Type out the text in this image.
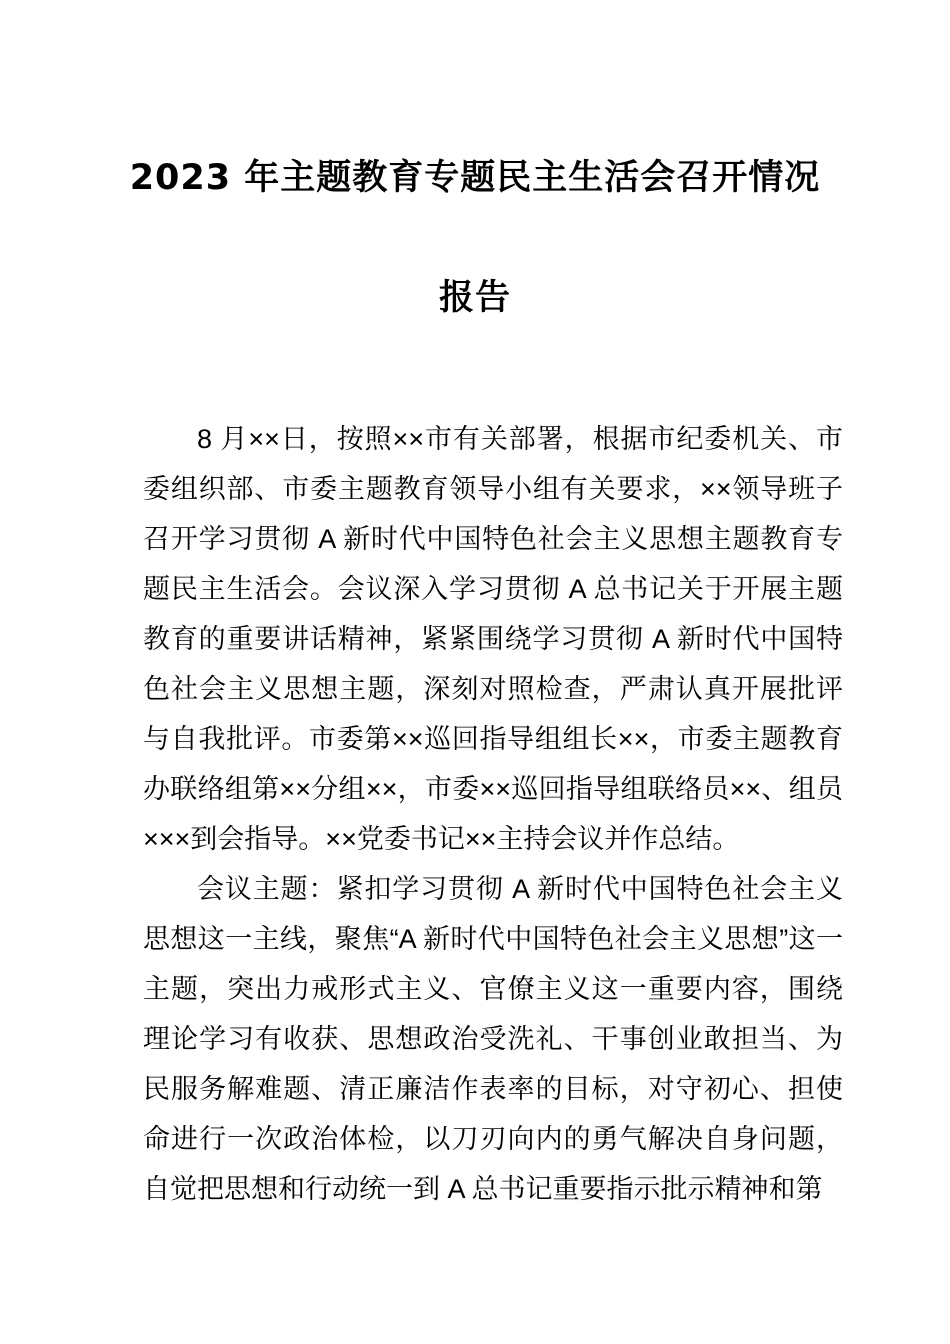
2023 年主题教育专题民主生活会召开情况
报告

8 月××日，按照××市有关部署，根据市纪委机关、市委组织部、市委主题教育领导小组有关要求，××领导班子召开学习贯彻 A 新时代中国特色社会主义思想主题教育专题民主生活会。会议深入学习贯彻 A 总书记关于开展主题教育的重要讲话精神，紧紧围绕学习贯彻 A 新时代中国特色社会主义思想主题，深刻对照检查，严肃认真开展批评与自我批评。市委第××巡回指导组组长××，市委主题教育办联络组第××分组××，市委××巡回指导组联络员××、组员×××到会指导。××党委书记××主持会议并作总结。

会议主题：紧扣学习贯彻 A 新时代中国特色社会主义思想这一主线，聚焦“A 新时代中国特色社会主义思想”这一主题，突出力戒形式主义、官僚主义这一重要内容，围绕理论学习有收获、思想政治受洗礼、干事创业敢担当、为民服务解难题、清正廉洁作表率的目标，对守初心、担使命进行一次政治体检，以刀刃向内的勇气解决自身问题，自觉把思想和行动统一到 A 总书记重要指示批示精神和第
